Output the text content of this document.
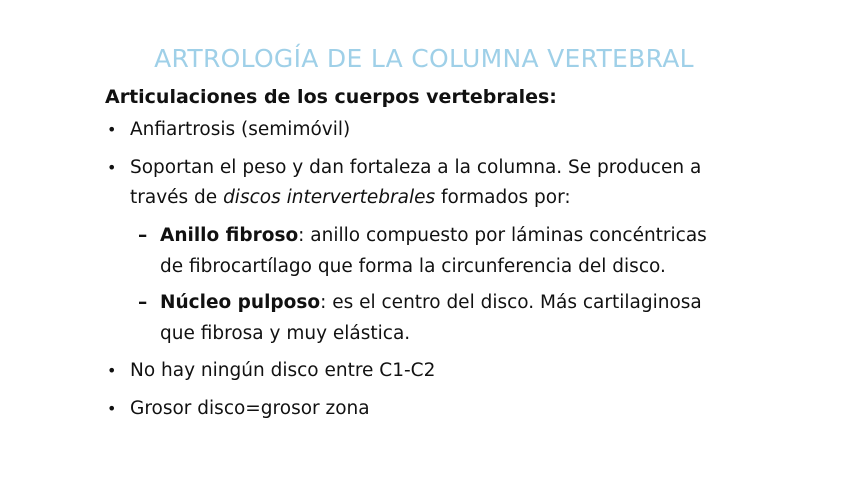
ARTROLOGÍA DE LA COLUMNA VERTEBRAL
Articulaciones de los cuerpos vertebrales:
• Anfiartrosis (semimóvil)
• Soportan el peso y dan fortaleza a la columna. Se producen a
través de discos intervertebrales formados por:
– Anillo fibroso: anillo compuesto por láminas concéntricas
de fibrocartílago que forma la circunferencia del disco.
– Núcleo pulposo: es el centro del disco. Más cartilaginosa
que fibrosa y muy elástica.
• No hay ningún disco entre C1-C2
• Grosor disco=grosor zona
